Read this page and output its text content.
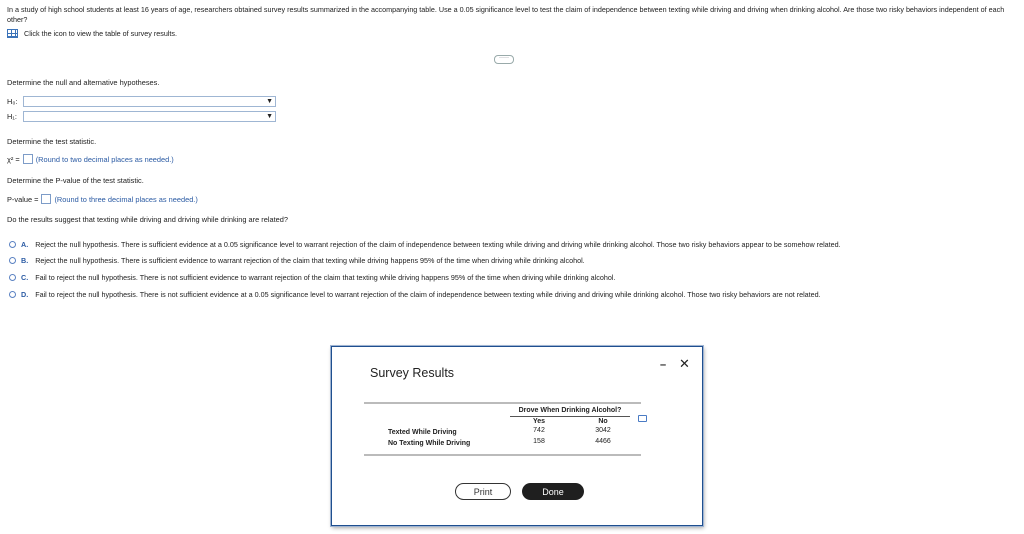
In a study of high school students at least 16 years of age, researchers obtained survey results summarized in the accompanying table. Use a 0.05 significance level to test the claim of independence between texting while driving and driving when drinking alcohol. Are those two risky behaviors independent of each other?
Click the icon to view the table of survey results.
·····
Determine the null and alternative hypotheses.
H₀:	▼
H₁:	▼
Determine the test statistic.
χ² = (Round to two decimal places as needed.)
Determine the P-value of the test statistic.
P-value = (Round to three decimal places as needed.)
Do the results suggest that texting while driving and driving while drinking are related?
A. Reject the null hypothesis. There is sufficient evidence at a 0.05 significance level to warrant rejection of the claim of independence between texting while driving and driving while drinking alcohol. Those two risky behaviors appear to be somehow related.
B. Reject the null hypothesis. There is sufficient evidence to warrant rejection of the claim that texting while driving happens 95% of the time when driving while drinking alcohol.
C. Fail to reject the null hypothesis. There is not sufficient evidence to warrant rejection of the claim that texting while driving happens 95% of the time when driving while drinking alcohol.
D. Fail to reject the null hypothesis. There is not sufficient evidence at a 0.05 significance level to warrant rejection of the claim of independence between texting while driving and driving while drinking alcohol. Those two risky behaviors are not related.
Survey Results
– ✕
Drove When Drinking Alcohol?
Yes	No
Texted While Driving	742	3042
No Texting While Driving	158	4466
Print	Done
